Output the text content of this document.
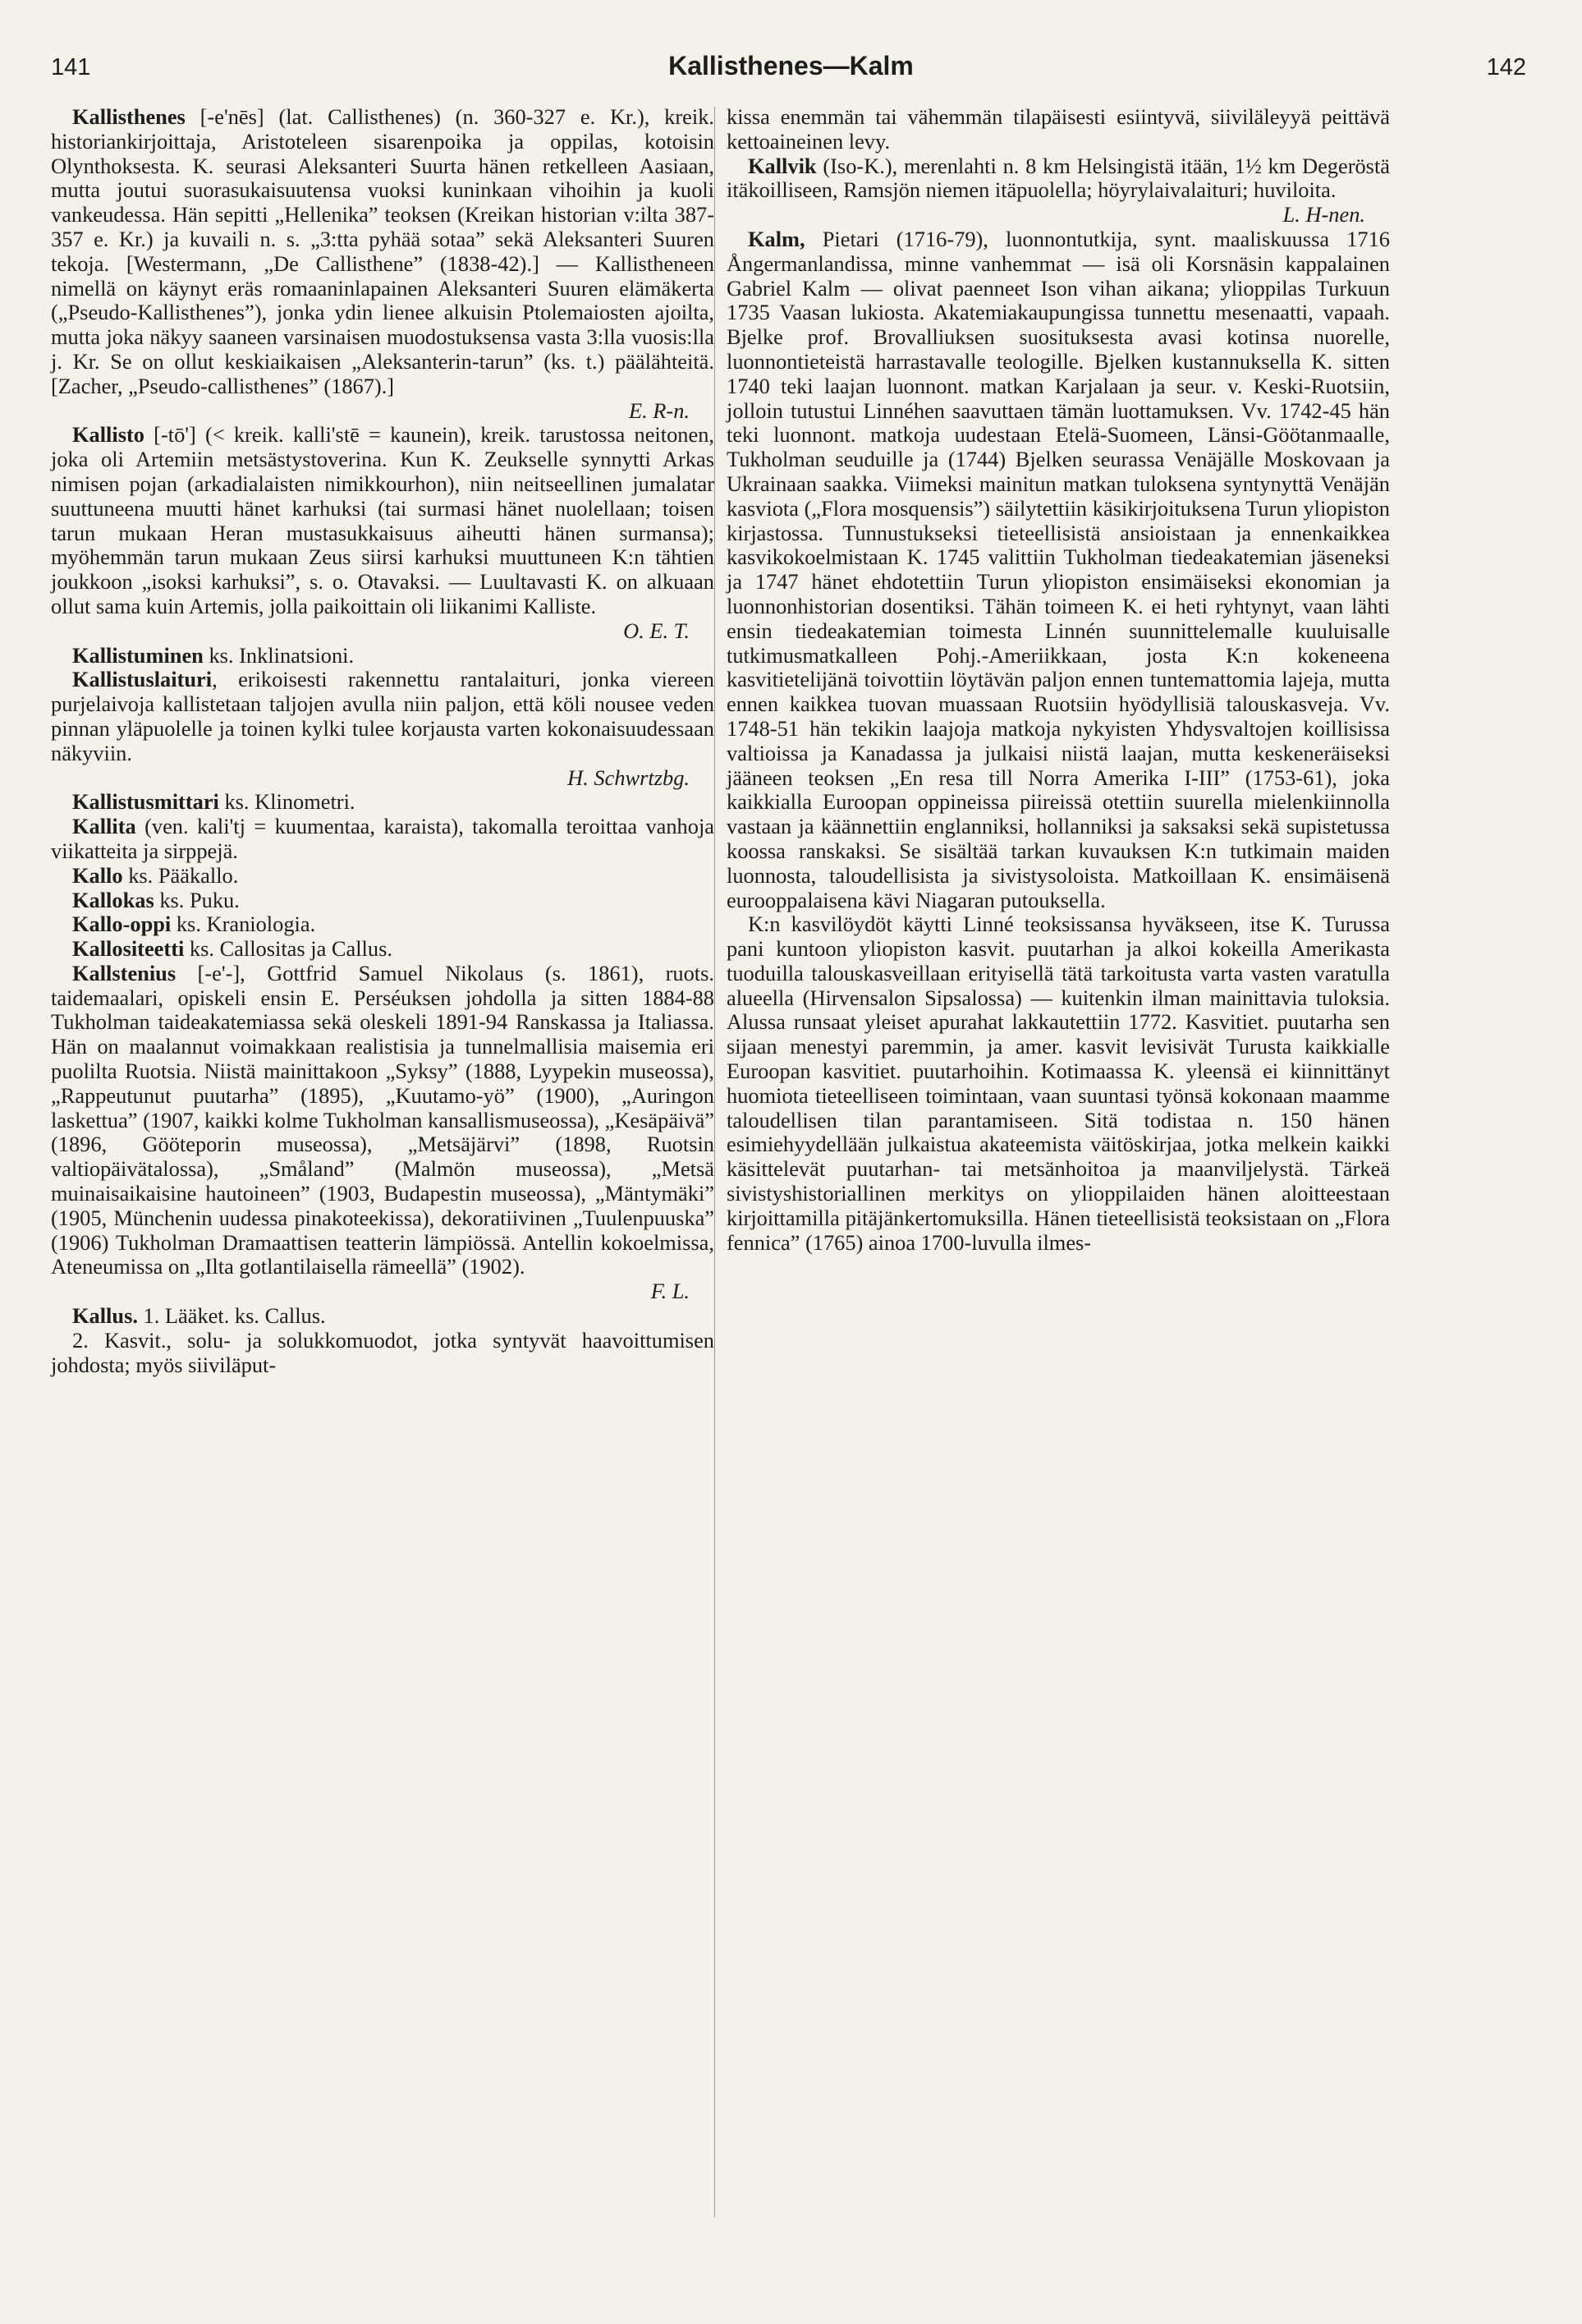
141	Kallisthenes—Kalm	142

Kallisthenes [-e'nēs] (lat. Callisthenes) (n. 360-327 e. Kr.), kreik. historiankirjoittaja, Aristoteleen sisarenpoika ja oppilas, kotoisin Olynthoksesta. K. seurasi Aleksanteri Suurta hänen retkelleen Aasiaan, mutta joutui suorasukaisuutensa vuoksi kuninkaan vihoihin ja kuoli vankeudessa. Hän sepitti „Hellenika” teoksen (Kreikan historian v:ilta 387-357 e. Kr.) ja kuvaili n. s. „3:tta pyhää sotaa” sekä Aleksanteri Suuren tekoja. [Westermann, „De Callisthene” (1838-42).] — Kallistheneen nimellä on käynyt eräs romaaninlapainen Aleksanteri Suuren elämäkerta („Pseudo-Kallisthenes”), jonka ydin lienee alkuisin Ptolemaiosten ajoilta, mutta joka näkyy saaneen varsinaisen muodostuksensa vasta 3:lla vuosis:lla j. Kr. Se on ollut keskiaikaisen „Aleksanterin-tarun” (ks. t.) päälähteitä. [Zacher, „Pseudo-callisthenes” (1867).]

E. R-n.

Kallisto [-tō'] (< kreik. kalli'stē = kaunein), kreik. tarustossa neitonen, joka oli Artemiin metsästystoverina. Kun K. Zeukselle synnytti Arkas nimisen pojan (arkadialaisten nimikkourhon), niin neitseellinen jumalatar suuttuneena muutti hänet karhuksi (tai surmasi hänet nuolellaan; toisen tarun mukaan Heran mustasukkaisuus aiheutti hänen surmansa); myöhemmän tarun mukaan Zeus siirsi karhuksi muuttuneen K:n tähtien joukkoon „isoksi karhuksi”, s. o. Otavaksi. — Luultavasti K. on alkuaan ollut sama kuin Artemis, jolla paikoittain oli liikanimi Kalliste.

O. E. T.

Kallistuminen ks. Inklinatsioni.

Kallistuslaituri, erikoisesti rakennettu rantalaituri, jonka viereen purjelaivoja kallistetaan taljojen avulla niin paljon, että köli nousee veden pinnan yläpuolelle ja toinen kylki tulee korjausta varten kokonaisuudessaan näkyviin.

H. Schwrtzbg.

Kallistusmittari ks. Klinometri.

Kallita (ven. kali'tj = kuumentaa, karaista), takomalla teroittaa vanhoja viikatteita ja sirppejä.

Kallo ks. Pääkallo.

Kallokas ks. Puku.

Kallo-oppi ks. Kraniologia.

Kallositeetti ks. Callositas ja Callus.

Kallstenius [-e'-], Gottfrid Samuel Nikolaus (s. 1861), ruots. taidemaalari, opiskeli ensin E. Perséuksen johdolla ja sitten 1884-88 Tukholman taideakatemiassa sekä oleskeli 1891-94 Ranskassa ja Italiassa. Hän on maalannut voimakkaan realistisia ja tunnelmallisia maisemia eri puolilta Ruotsia. Niistä mainittakoon „Syksy” (1888, Lyypekin museossa), „Rappeutunut puutarha” (1895), „Kuutamo-yö” (1900), „Auringon laskettua” (1907, kaikki kolme Tukholman kansallismuseossa), „Kesäpäivä” (1896, Gööteporin museossa), „Metsäjärvi” (1898, Ruotsin valtiopäivätalossa), „Småland” (Malmön museossa), „Metsä muinaisaikaisine hautoineen” (1903, Budapestin museossa), „Mäntymäki” (1905, Münchenin uudessa pinakoteekissa), dekoratiivinen „Tuulenpuuska” (1906) Tukholman Dramaattisen teatterin lämpiössä. Antellin kokoelmissa, Ateneumissa on „Ilta gotlantilaisella rämeellä” (1902).

F. L.

Kallus. 1. Lääket. ks. Callus.

2. Kasvit., solu- ja solukkomuodot, jotka syntyvät haavoittumisen johdosta; myös siiviläput-

kissa enemmän tai vähemmän tilapäisesti esiintyvä, siiviläleyyä peittävä kettoaineinen levy.

Kallvik (Iso-K.), merenlahti n. 8 km Helsingistä itään, 1½ km Degeröstä itäkoilliseen, Ramsjön niemen itäpuolella; höyrylaivalaituri; huviloita.

L. H-nen.

Kalm, Pietari (1716-79), luonnontutkija, synt. maaliskuussa 1716 Ångermanlandissa, minne vanhemmat — isä oli Korsnäsin kappalainen Gabriel Kalm — olivat paenneet Ison vihan aikana; ylioppilas Turkuun 1735 Vaasan lukiosta. Akatemiakaupungissa tunnettu mesenaatti, vapaah. Bjelke prof. Brovalliuksen suosituksesta avasi kotinsa nuorelle, luonnontieteistä harrastavalle teologille. Bjelken kustannuksella K. sitten 1740 teki laajan luonnont. matkan Karjalaan ja seur. v. Keski-Ruotsiin, jolloin tutustui Linnéhen saavuttaen tämän luottamuksen. Vv. 1742-45 hän teki luonnont. matkoja uudestaan Etelä-Suomeen, Länsi-Göötanmaalle, Tukholman seuduille ja (1744) Bjelken seurassa Venäjälle Moskovaan ja Ukrainaan saakka. Viimeksi mainitun matkan tuloksena syntynyttä Venäjän kasviota („Flora mosquensis”) säilytettiin käsikirjoituksena Turun yliopiston kirjastossa. Tunnustukseksi tieteellisistä ansioistaan ja ennenkaikkea kasvikokoelmistaan K. 1745 valittiin Tukholman tiedeakatemian jäseneksi ja 1747 hänet ehdotettiin Turun yliopiston ensimäiseksi ekonomian ja luonnonhistorian dosentiksi. Tähän toimeen K. ei heti ryhtynyt, vaan lähti ensin tiedeakatemian toimesta Linnén suunnittelemalle kuuluisalle tutkimusmatkalleen Pohj.-Ameriikkaan, josta K:n kokeneena kasvitietelijänä toivottiin löytävän paljon ennen tuntemattomia lajeja, mutta ennen kaikkea tuovan muassaan Ruotsiin hyödyllisiä talouskasveja. Vv. 1748-51 hän tekikin laajoja matkoja nykyisten Yhdysvaltojen koillisissa valtioissa ja Kanadassa ja julkaisi niistä laajan, mutta keskeneräiseksi jääneen teoksen „En resa till Norra Amerika I-III” (1753-61), joka kaikkialla Euroopan oppineissa piireissä otettiin suurella mielenkiinnolla vastaan ja käännettiin englanniksi, hollanniksi ja saksaksi sekä supistetussa koossa ranskaksi. Se sisältää tarkan kuvauksen K:n tutkimain maiden luonnosta, taloudellisista ja sivistysoloista. Matkoillaan K. ensimäisenä eurooppalaisena kävi Niagaran putouksella.

K:n kasvilöydöt käytti Linné teoksissansa hyväkseen, itse K. Turussa pani kuntoon yliopiston kasvit. puutarhan ja alkoi kokeilla Amerikasta tuoduilla talouskasveillaan erityisellä tätä tarkoitusta varta vasten varatulla alueella (Hirvensalon Sipsalossa) — kuitenkin ilman mainittavia tuloksia. Alussa runsaat yleiset apurahat lakkautettiin 1772. Kasvitiet. puutarha sen sijaan menestyi paremmin, ja amer. kasvit levisivät Turusta kaikkialle Euroopan kasvitiet. puutarhoihin. Kotimaassa K. yleensä ei kiinnittänyt huomiota tieteelliseen toimintaan, vaan suuntasi työnsä kokonaan maamme taloudellisen tilan parantamiseen. Sitä todistaa n. 150 hänen esimiehyydellään julkaistua akateemista väitöskirjaa, jotka melkein kaikki käsittelevät puutarhan- tai metsänhoitoa ja maanviljelystä. Tärkeä sivistyshistoriallinen merkitys on ylioppilaiden hänen aloitteestaan kirjoittamilla pitäjänkertomuksilla. Hänen tieteellisistä teoksistaan on „Flora fennica” (1765) ainoa 1700-luvulla ilmes-
